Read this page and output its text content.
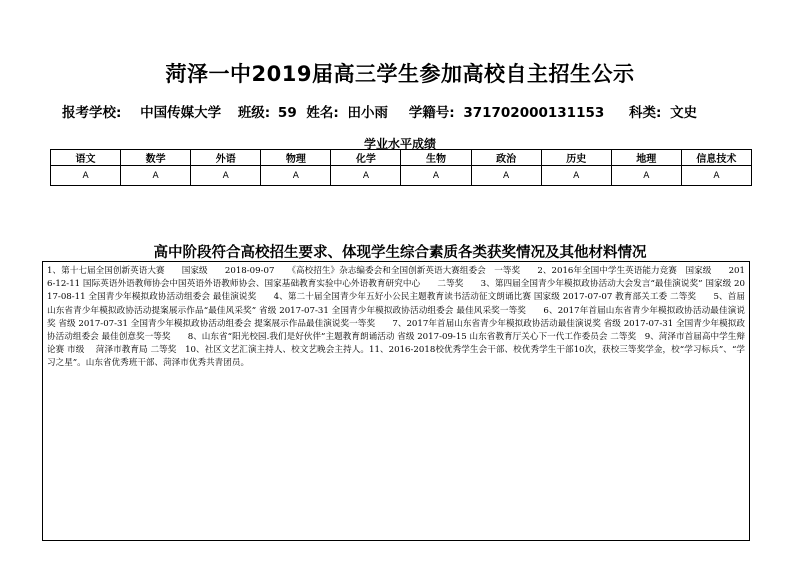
菏泽一中2019届高三学生参加高校自主招生公示
报考学校: 中国传媒大学 班级: 59 姓名: 田小雨 学籍号: 371702000131153 科类: 文史
学业水平成绩
语文	数学	外语	物理	化学	生物	政治	历史	地理	信息技术
A	A	A	A	A	A	A	A	A	A
高中阶段符合高校招生要求、体现学生综合素质各类获奖情况及其他材料情况
1、第十七届全国创新英语大赛　　国家级　　2018-09-07　　《高校招生》杂志编委会和全国创新英语大赛组委会　一等奖　　2、2016年全国中学生英语能力竞赛　国家级　　2016-12-11 国际英语外语教师协会中国英语外语教师协会、国家基础教育实验中心外语教育研究中心　　二等奖　　3、第四届全国青少年模拟政协活动大会发言“最佳演说奖” 国家级 2017-08-11 全国青少年模拟政协活动组委会 最佳演说奖　　4、第二十届全国青少年五好小公民主题教育读书活动征文朗诵比赛 国家级 2017-07-07 教育部关工委 二等奖　　5、首届山东省青少年模拟政协活动提案展示作品“最佳风采奖” 省级 2017-07-31 全国青少年模拟政协活动组委会 最佳风采奖一等奖　　6、2017年首届山东省青少年模拟政协活动最佳演说奖 省级 2017-07-31 全国青少年模拟政协活动组委会 提案展示作品最佳演说奖一等奖　　7、2017年首届山东省青少年模拟政协活动最佳演说奖 省级 2017-07-31 全国青少年模拟政协活动组委会 最佳创意奖一等奖　　8、山东省“阳光校园.我们是好伙伴”主题教育朗诵活动 省级 2017-09-15 山东省教育厅关心下一代工作委员会 二等奖　9、菏泽市首届高中学生辩论赛 市级　 菏泽市教育局 二等奖　10、社区文艺汇演主持人、校文艺晚会主持人。11、2016-2018校优秀学生会干部、校优秀学生干部10次，获校三等奖学金，校“学习标兵”、“学习之星”。山东省优秀班干部、菏泽市优秀共青团员。
